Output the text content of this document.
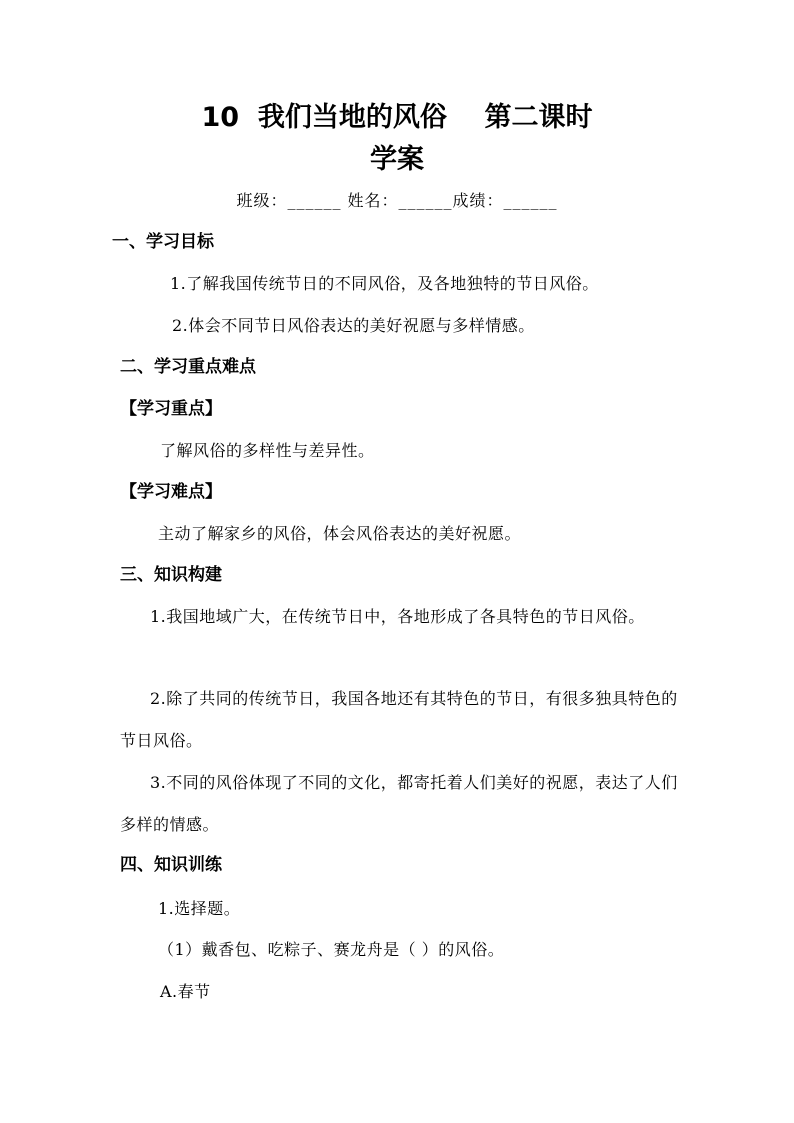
10  我们当地的风俗    第二课时
学案
班级：______ 姓名：______成绩：______
一、学习目标
1.了解我国传统节日的不同风俗，及各地独特的节日风俗。
2.体会不同节日风俗表达的美好祝愿与多样情感。
二、学习重点难点
【学习重点】
了解风俗的多样性与差异性。
【学习难点】
主动了解家乡的风俗，体会风俗表达的美好祝愿。
三、知识构建
1.我国地域广大，在传统节日中，各地形成了各具特色的节日风俗。
2.除了共同的传统节日，我国各地还有其特色的节日，有很多独具特色的节日风俗。
3.不同的风俗体现了不同的文化，都寄托着人们美好的祝愿，表达了人们多样的情感。
四、知识训练
1.选择题。
（1）戴香包、吃粽子、赛龙舟是（ ）的风俗。
A.春节
